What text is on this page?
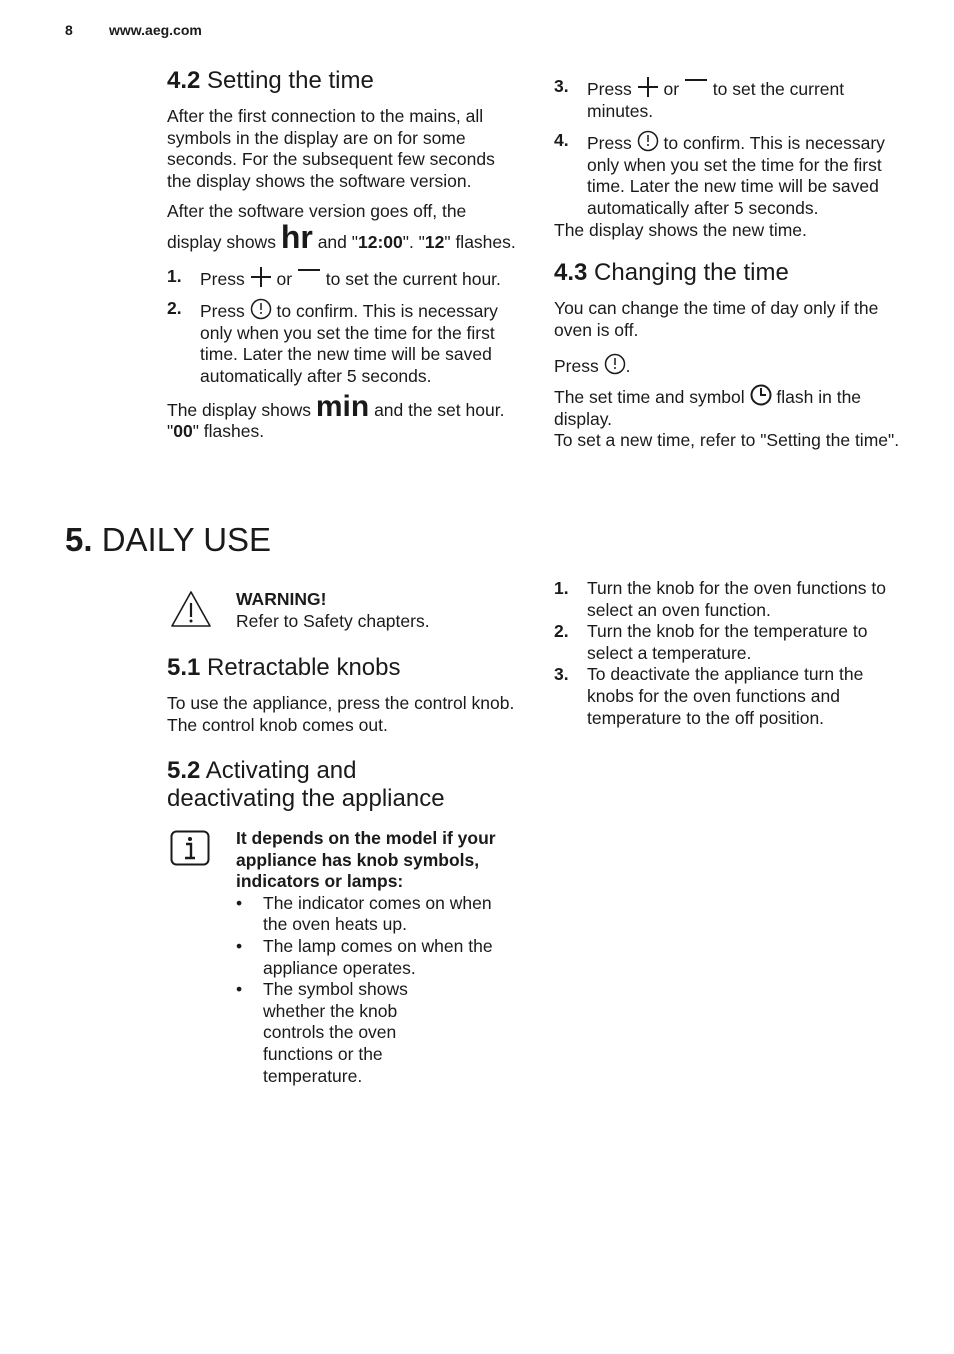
8	www.aeg.com
4.2 Setting the time

After the first connection to the mains, all symbols in the display are on for some seconds. For the subsequent few seconds the display shows the software version.

After the software version goes off, the display shows hr and "12:00". "12" flashes.

1. Press or to set the current hour.
2. Press to confirm. This is necessary only when you set the time for the first time. Later the new time will be saved automatically after 5 seconds.

The display shows min and the set hour. "00" flashes.

3. Press or to set the current minutes.
4. Press to confirm. This is necessary only when you set the time for the first time. Later the new time will be saved automatically after 5 seconds.

The display shows the new time.

4.3 Changing the time

You can change the time of day only if the oven is off.

Press .

The set time and symbol flash in the display.

To set a new time, refer to "Setting the time".

5. DAILY USE

WARNING!

Refer to Safety chapters.

5.1 Retractable knobs

To use the appliance, press the control knob. The control knob comes out.

5.2 Activating and
deactivating the appliance

It depends on the model if your appliance has knob symbols, indicators or lamps:

• The indicator comes on when the oven heats up.
• The lamp comes on when the appliance operates.
• The symbol shows whether the knob controls the oven functions or the temperature.
1. Turn the knob for the oven functions to select an oven function.
2. Turn the knob for the temperature to select a temperature.
3. To deactivate the appliance turn the knobs for the oven functions and temperature to the off position.
